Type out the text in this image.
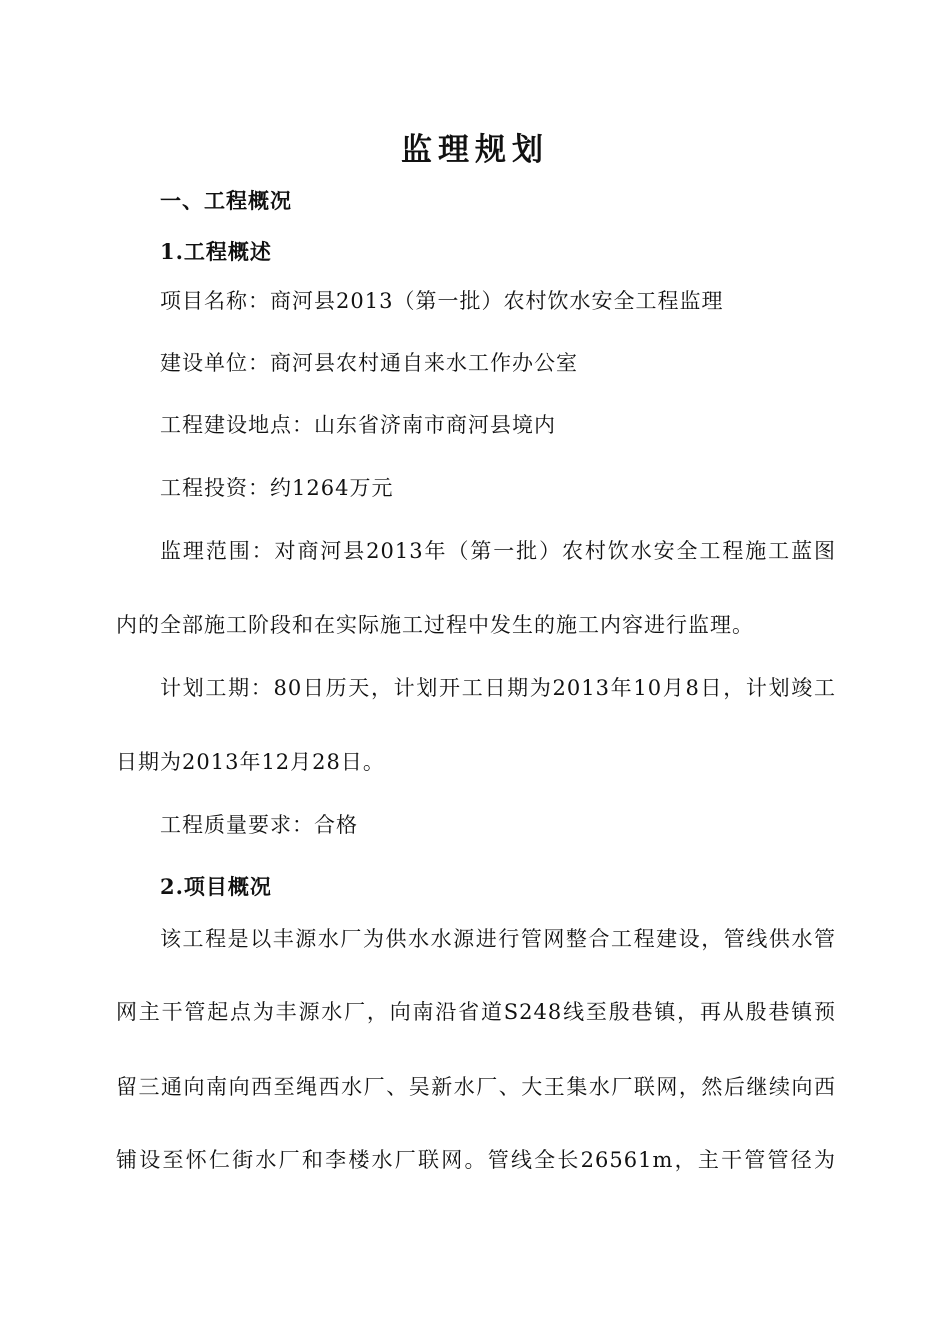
监理规划
一、工程概况
1.工程概述
项目名称：商河县2013（第一批）农村饮水安全工程监理
建设单位：商河县农村通自来水工作办公室
工程建设地点：山东省济南市商河县境内
工程投资：约1264万元
监理范围：对商河县2013年（第一批）农村饮水安全工程施工蓝图
内的全部施工阶段和在实际施工过程中发生的施工内容进行监理。
计划工期：80日历天，计划开工日期为2013年10月8日，计划竣工
日期为2013年12月28日。
工程质量要求：合格
2.项目概况
该工程是以丰源水厂为供水水源进行管网整合工程建设，管线供水管
网主干管起点为丰源水厂，向南沿省道S248线至殷巷镇，再从殷巷镇预
留三通向南向西至绳西水厂、吴新水厂、大王集水厂联网，然后继续向西
铺设至怀仁街水厂和李楼水厂联网。管线全长26561m，主干管管径为
